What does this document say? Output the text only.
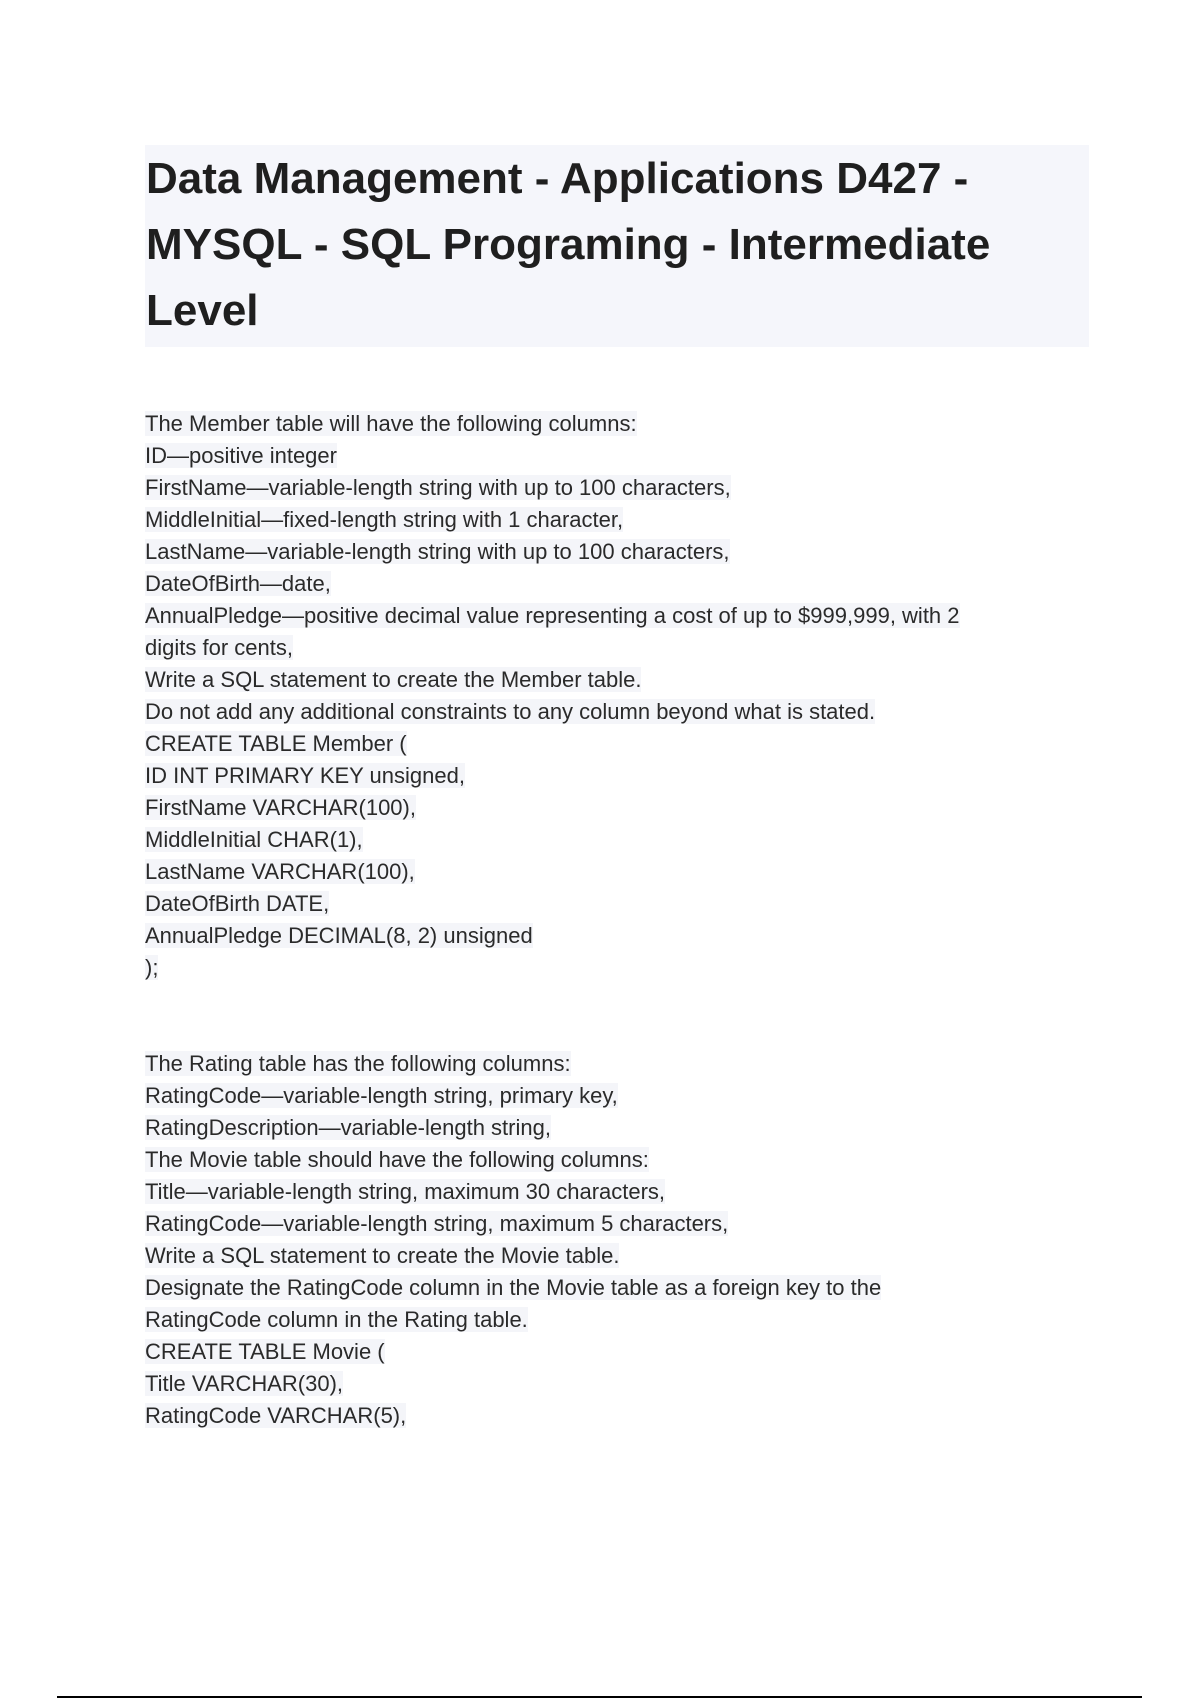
Data Management - Applications D427 -
MYSQL - SQL Programing - Intermediate
Level
The Member table will have the following columns:
ID—positive integer
FirstName—variable-length string with up to 100 characters,
MiddleInitial—fixed-length string with 1 character,
LastName—variable-length string with up to 100 characters,
DateOfBirth—date,
AnnualPledge—positive decimal value representing a cost of up to $999,999, with 2
digits for cents,
Write a SQL statement to create the Member table.
Do not add any additional constraints to any column beyond what is stated.
CREATE TABLE Member (
ID INT PRIMARY KEY unsigned,
FirstName VARCHAR(100),
MiddleInitial CHAR(1),
LastName VARCHAR(100),
DateOfBirth DATE,
AnnualPledge DECIMAL(8, 2) unsigned
);
The Rating table has the following columns:
RatingCode—variable-length string, primary key,
RatingDescription—variable-length string,
The Movie table should have the following columns:
Title—variable-length string, maximum 30 characters,
RatingCode—variable-length string, maximum 5 characters,
Write a SQL statement to create the Movie table.
Designate the RatingCode column in the Movie table as a foreign key to the
RatingCode column in the Rating table.
CREATE TABLE Movie (
Title VARCHAR(30),
RatingCode VARCHAR(5),
